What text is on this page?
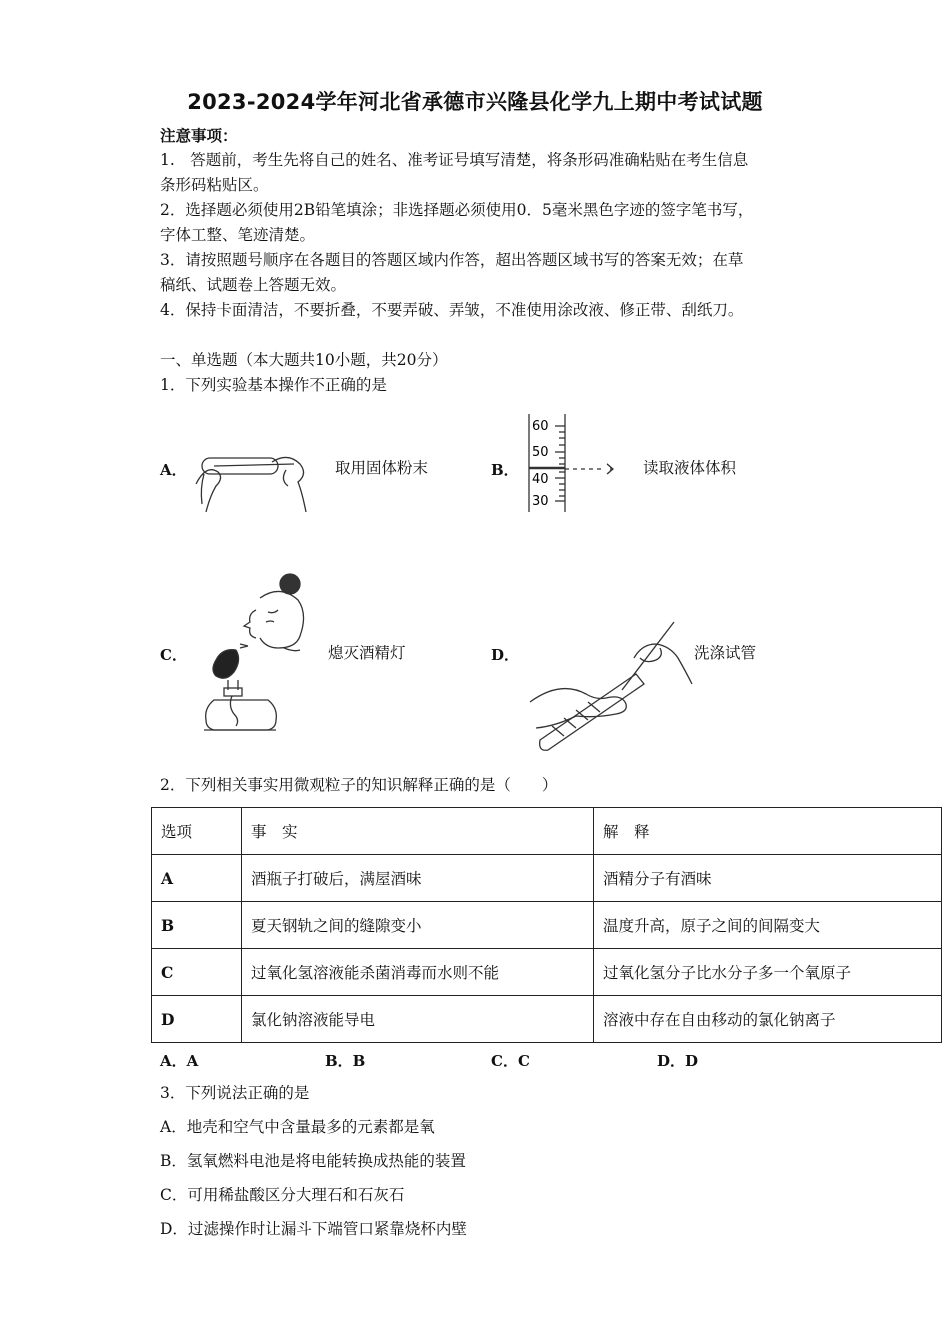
2023-2024学年河北省承德市兴隆县化学九上期中考试试题
注意事项：
1.　答题前，考生先将自己的姓名、准考证号填写清楚，将条形码准确粘贴在考生信息
条形码粘贴区。
2．选择题必须使用2B铅笔填涂；非选择题必须使用0．5毫米黑色字迹的签字笔书写，
字体工整、笔迹清楚。
3．请按照题号顺序在各题目的答题区域内作答，超出答题区域书写的答案无效；在草
稿纸、试题卷上答题无效。
4．保持卡面清洁，不要折叠，不要弄破、弄皱，不准使用涂改液、修正带、刮纸刀。
一、单选题（本大题共10小题，共20分）
1．下列实验基本操作不正确的是
A．	取用固体粉末	B．
60
50
40
30
读取液体体积
C．	熄灭酒精灯	D．	洗涤试管
2．下列相关事实用微观粒子的知识解释正确的是（　　）
选项	事　实	解　释
A	酒瓶子打破后，满屋酒味	酒精分子有酒味
B	夏天钢轨之间的缝隙变小	温度升高，原子之间的间隔变大
C	过氧化氢溶液能杀菌消毒而水则不能	过氧化氢分子比水分子多一个氧原子
D	氯化钠溶液能导电	溶液中存在自由移动的氯化钠离子
A．A	B．B	C．C	D．D
3．下列说法正确的是
A．地壳和空气中含量最多的元素都是氧
B．氢氧燃料电池是将电能转换成热能的装置
C．可用稀盐酸区分大理石和石灰石
D．过滤操作时让漏斗下端管口紧靠烧杯内壁
